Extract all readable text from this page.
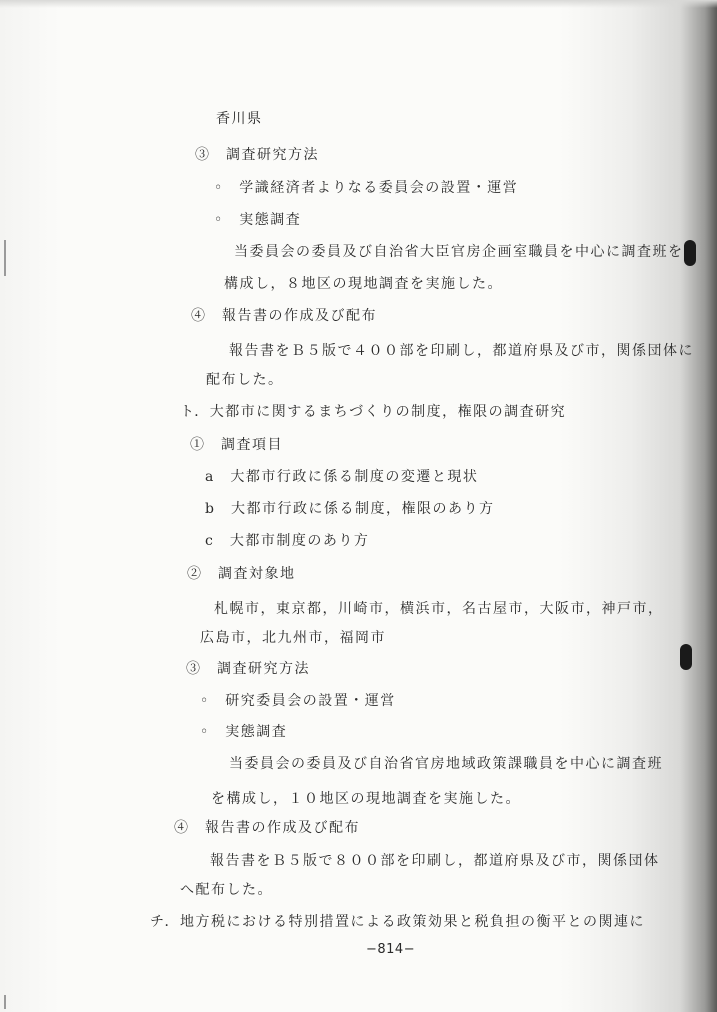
香川県
③　調査研究方法
◦　学識経済者よりなる委員会の設置・運営
◦　実態調査
当委員会の委員及び自治省大臣官房企画室職員を中心に調査班を
構成し，８地区の現地調査を実施した。
④　報告書の作成及び配布
報告書をＢ５版で４００部を印刷し，都道府県及び市，関係団体に
配布した。
ト．大都市に関するまちづくりの制度，権限の調査研究
①　調査項目
a　大都市行政に係る制度の変遷と現状
b　大都市行政に係る制度，権限のあり方
c　大都市制度のあり方
②　調査対象地
札幌市，東京都，川崎市，横浜市，名古屋市，大阪市，神戸市，
広島市，北九州市，福岡市
③　調査研究方法
◦　研究委員会の設置・運営
◦　実態調査
当委員会の委員及び自治省官房地域政策課職員を中心に調査班
を構成し，１０地区の現地調査を実施した。
④　報告書の作成及び配布
報告書をＢ５版で８００部を印刷し，都道府県及び市，関係団体
へ配布した。
チ．地方税における特別措置による政策効果と税負担の衡平との関連に
−814−
